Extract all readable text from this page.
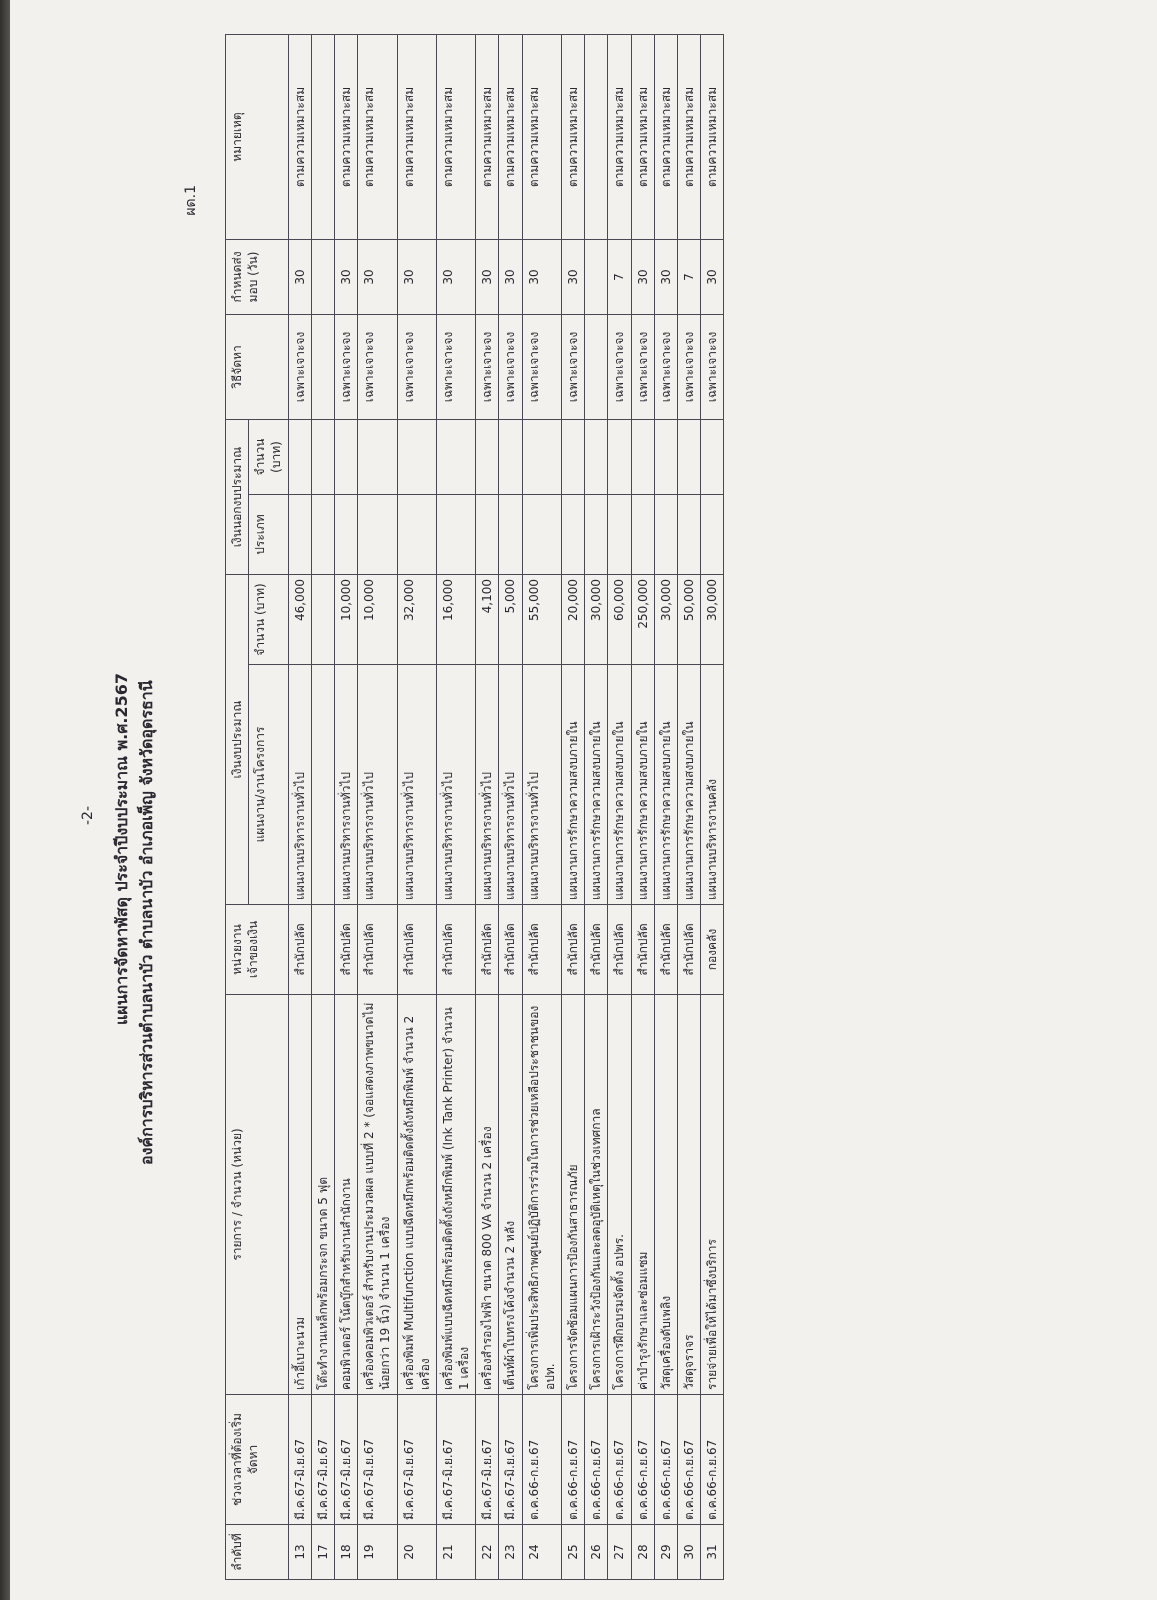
-2- แผนการจัดหาพัสดุ ประจำปีงบประมาณ พ.ศ.2567 องค์การบริหารส่วนตำบลนาบัว ตำบลนาบัว อำเภอเพ็ญ จังหวัดอุดรธานี
ผด.1
ลำดับที่	ช่วงเวลาที่ต้องเริ่มจัดหา	รายการ / จำนวน (หน่วย)	หน่วยงานเจ้าของเงิน	เงินงบประมาณ		เงินนอกงบประมาณ		วิธีจัดหา	กำหนดส่งมอบ (วัน)	หมายเหตุ
				แผนงาน/งานโครงการ	จำนวน (บาท)	ประเภท	จำนวน (บาท)			
13	มี.ค.67-มิ.ย.67	เก้าอี้เบาะนวม	สำนักปลัด	แผนงานบริหารงานทั่วไป	46,000			เฉพาะเจาะจง	30	ตามความเหมาะสม
17	มี.ค.67-มิ.ย.67	โต๊ะทำงานเหล็กพร้อมกระจก ขนาด 5 ฟุต								
18	มี.ค.67-มิ.ย.67	คอมพิวเตอร์ โน้ตบุ๊กสำหรับงานสำนักงาน	สำนักปลัด	แผนงานบริหารงานทั่วไป	10,000			เฉพาะเจาะจง	30	ตามความเหมาะสม
19	มี.ค.67-มิ.ย.67	เครื่องคอมพิวเตอร์ สำหรับงานประมวลผล แบบที่ 2 * (จอแสดงภาพขนาดไม่น้อยกว่า 19 นิ้ว) จำนวน 1 เครื่อง	สำนักปลัด	แผนงานบริหารงานทั่วไป	10,000			เฉพาะเจาะจง	30	ตามความเหมาะสม
20	มี.ค.67-มิ.ย.67	เครื่องพิมพ์ Multifunction แบบฉีดหมึกพร้อมติดตั้งถังหมึกพิมพ์ จำนวน 2 เครื่อง	สำนักปลัด	แผนงานบริหารงานทั่วไป	32,000			เฉพาะเจาะจง	30	ตามความเหมาะสม
21	มี.ค.67-มิ.ย.67	เครื่องพิมพ์แบบฉีดหมึกพร้อมติดตั้งถังหมึกพิมพ์ (Ink Tank Printer) จำนวน 1 เครื่อง	สำนักปลัด	แผนงานบริหารงานทั่วไป	16,000			เฉพาะเจาะจง	30	ตามความเหมาะสม
22	มี.ค.67-มิ.ย.67	เครื่องสำรองไฟฟ้า ขนาด 800 VA จำนวน 2 เครื่อง	สำนักปลัด	แผนงานบริหารงานทั่วไป	4,100			เฉพาะเจาะจง	30	ตามความเหมาะสม
23	มี.ค.67-มิ.ย.67	เต็นท์ผ้าใบทรงโค้งจำนวน 2 หลัง	สำนักปลัด	แผนงานบริหารงานทั่วไป	5,000			เฉพาะเจาะจง	30	ตามความเหมาะสม
24	ต.ค.66-ก.ย.67	โครงการเพิ่มประสิทธิภาพศูนย์ปฏิบัติการร่วมในการช่วยเหลือประชาชนของ อปท.	สำนักปลัด	แผนงานบริหารงานทั่วไป	55,000			เฉพาะเจาะจง	30	ตามความเหมาะสม
25	ต.ค.66-ก.ย.67	โครงการจัดซ้อมแผนการป้องกันสาธารณภัย	สำนักปลัด	แผนงานการรักษาความสงบภายใน	20,000			เฉพาะเจาะจง	30	ตามความเหมาะสม
26	ต.ค.66-ก.ย.67	โครงการเฝ้าระวังป้องกันและลดอุบัติเหตุในช่วงเทศกาล	สำนักปลัด	แผนงานการรักษาความสงบภายใน	30,000					
27	ต.ค.66-ก.ย.67	โครงการฝึกอบรมจัดตั้ง อปพร.	สำนักปลัด	แผนงานการรักษาความสงบภายใน	60,000			เฉพาะเจาะจง	7	ตามความเหมาะสม
28	ต.ค.66-ก.ย.67	ค่าบำรุงรักษาและซ่อมแซม	สำนักปลัด	แผนงานการรักษาความสงบภายใน	250,000			เฉพาะเจาะจง	30	ตามความเหมาะสม
29	ต.ค.66-ก.ย.67	วัสดุเครื่องดับเพลิง	สำนักปลัด	แผนงานการรักษาความสงบภายใน	30,000			เฉพาะเจาะจง	30	ตามความเหมาะสม
30	ต.ค.66-ก.ย.67	วัสดุจราจร	สำนักปลัด	แผนงานการรักษาความสงบภายใน	50,000			เฉพาะเจาะจง	7	ตามความเหมาะสม
31	ต.ค.66-ก.ย.67	รายจ่ายเพื่อให้ได้มาซึ่งบริการ	กองคลัง	แผนงานบริหารงานคลัง	30,000			เฉพาะเจาะจง	30	ตามความเหมาะสม
